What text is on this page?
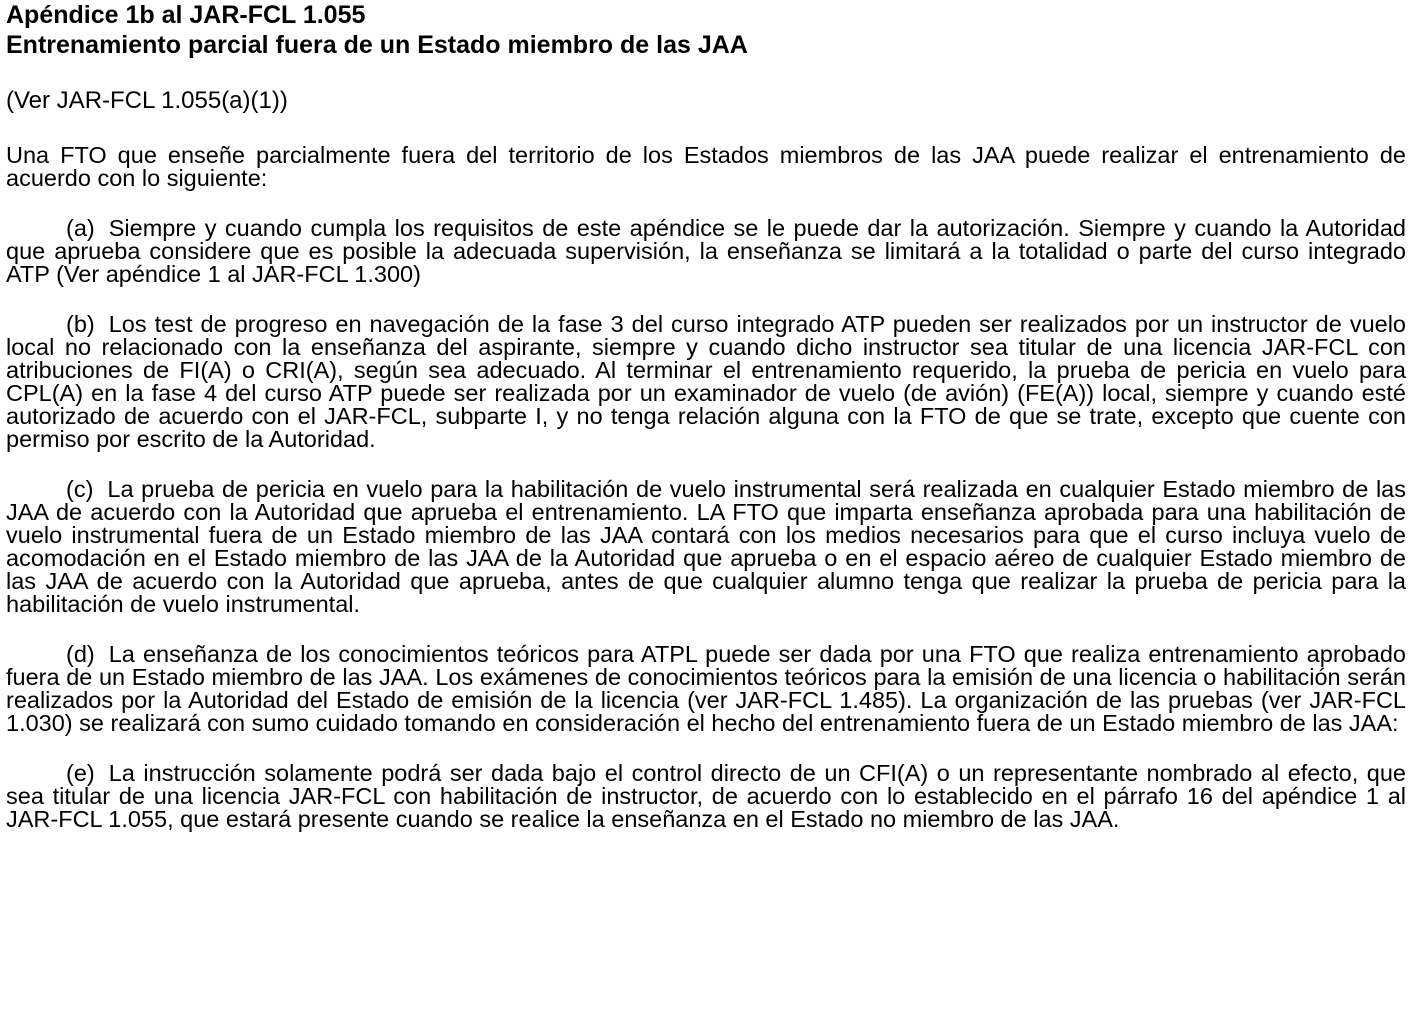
Apéndice 1b al JAR-FCL 1.055

Entrenamiento parcial fuera de un Estado miembro de las JAA

(Ver JAR-FCL 1.055(a)(1))

Una FTO que enseñe parcialmente fuera del territorio de los Estados miembros de las JAA puede realizar el entrenamiento de acuerdo con lo siguiente:

(a) Siempre y cuando cumpla los requisitos de este apéndice se le puede dar la autorización. Siempre y cuando la Autoridad que aprueba considere que es posible la adecuada supervisión, la enseñanza se limitará a la totalidad o parte del curso integrado ATP (Ver apéndice 1 al JAR-FCL 1.300)

(b) Los test de progreso en navegación de la fase 3 del curso integrado ATP pueden ser realizados por un instructor de vuelo local no relacionado con la enseñanza del aspirante, siempre y cuando dicho instructor sea titular de una licencia JAR-FCL con atribuciones de FI(A) o CRI(A), según sea adecuado. Al terminar el entrenamiento requerido, la prueba de pericia en vuelo para CPL(A) en la fase 4 del curso ATP puede ser realizada por un examinador de vuelo (de avión) (FE(A)) local, siempre y cuando esté autorizado de acuerdo con el JAR-FCL, subparte I, y no tenga relación alguna con la FTO de que se trate, excepto que cuente con permiso por escrito de la Autoridad.

(c) La prueba de pericia en vuelo para la habilitación de vuelo instrumental será realizada en cualquier Estado miembro de las JAA de acuerdo con la Autoridad que aprueba el entrenamiento. LA FTO que imparta enseñanza aprobada para una habilitación de vuelo instrumental fuera de un Estado miembro de las JAA contará con los medios necesarios para que el curso incluya vuelo de acomodación en el Estado miembro de las JAA de la Autoridad que aprueba o en el espacio aéreo de cualquier Estado miembro de las JAA de acuerdo con la Autoridad que aprueba, antes de que cualquier alumno tenga que realizar la prueba de pericia para la habilitación de vuelo instrumental.

(d) La enseñanza de los conocimientos teóricos para ATPL puede ser dada por una FTO que realiza entrenamiento aprobado fuera de un Estado miembro de las JAA. Los exámenes de conocimientos teóricos para la emisión de una licencia o habilitación serán realizados por la Autoridad del Estado de emisión de la licencia (ver JAR-FCL 1.485). La organización de las pruebas (ver JAR-FCL 1.030) se realizará con sumo cuidado tomando en consideración el hecho del entrenamiento fuera de un Estado miembro de las JAA:

(e) La instrucción solamente podrá ser dada bajo el control directo de un CFI(A) o un representante nombrado al efecto, que sea titular de una licencia JAR-FCL con habilitación de instructor, de acuerdo con lo establecido en el párrafo 16 del apéndice 1 al JAR-FCL 1.055, que estará presente cuando se realice la enseñanza en el Estado no miembro de las JAA.
